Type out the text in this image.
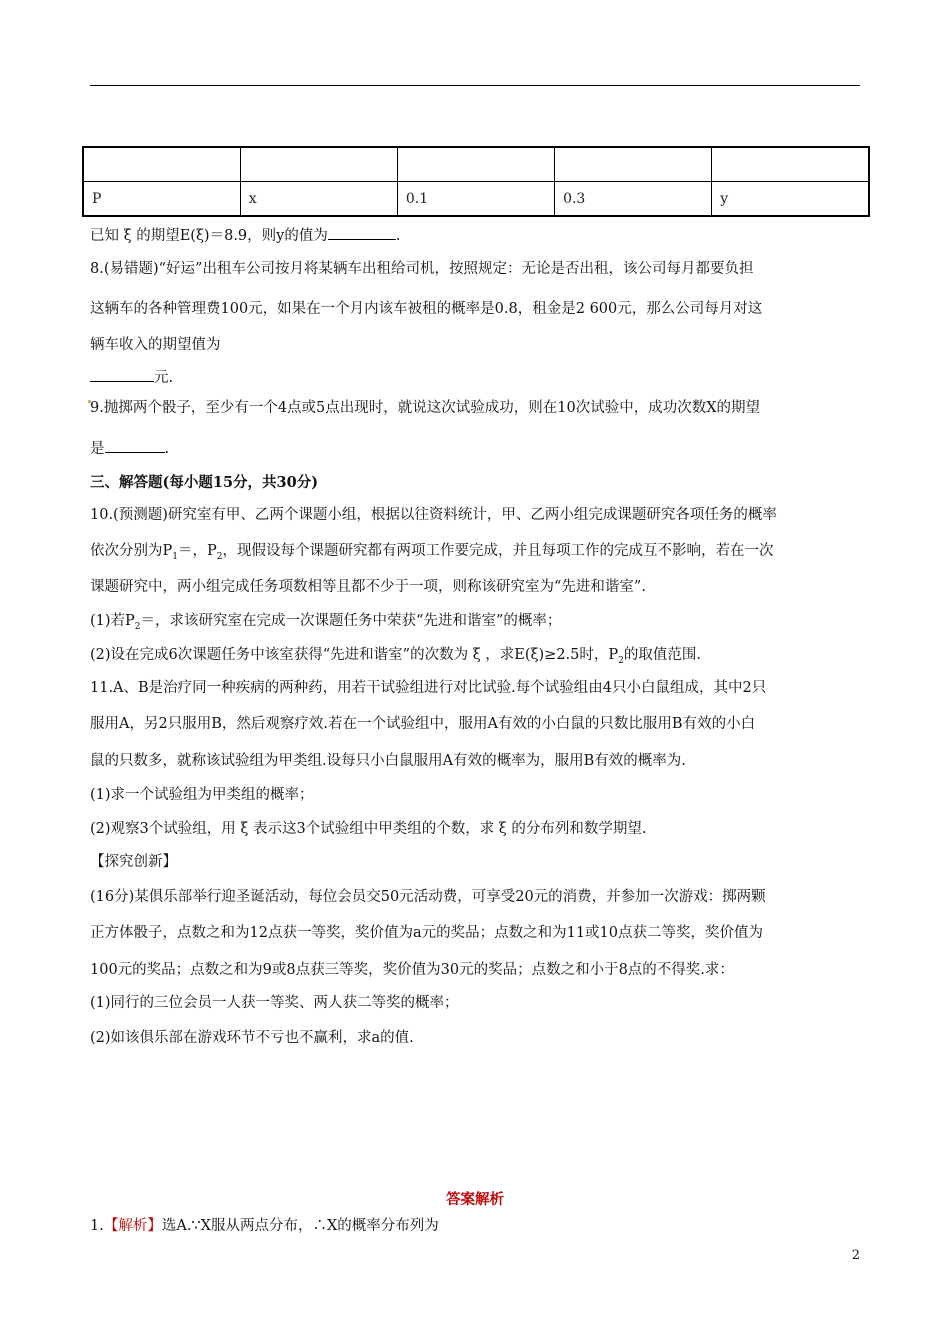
P	x	0.1	0.3	y
已知 ξ 的期望E(ξ)＝8.9，则y的值为	.
8.(易错题)“好运”出租车公司按月将某辆车出租给司机，按照规定：无论是否出租，该公司每月都要负担
这辆车的各种管理费100元，如果在一个月内该车被租的概率是0.8，租金是2 600元，那么公司每月对这
辆车收入的期望值为
元.
9.抛掷两个骰子，至少有一个4点或5点出现时，就说这次试验成功，则在10次试验中，成功次数X的期望
是	.
三、解答题(每小题15分，共30分)
10.(预测题)研究室有甲、乙两个课题小组，根据以往资料统计，甲、乙两小组完成课题研究各项任务的概率
依次分别为$P_1=$，$P_2$，现假设每个课题研究都有两项工作要完成，并且每项工作的完成互不影响，若在一次
课题研究中，两小组完成任务项数相等且都不少于一项，则称该研究室为“先进和谐室”.
(1)若$P_2=$，求该研究室在完成一次课题任务中荣获“先进和谐室”的概率；
(2)设在完成6次课题任务中该室获得“先进和谐室”的次数为 ξ ，求E(ξ)≥2.5时，$P_2$的取值范围.
11.A、B是治疗同一种疾病的两种药，用若干试验组进行对比试验.每个试验组由4只小白鼠组成，其中2只
服用A，另2只服用B，然后观察疗效.若在一个试验组中，服用A有效的小白鼠的只数比服用B有效的小白
鼠的只数多，就称该试验组为甲类组.设每只小白鼠服用A有效的概率为，服用B有效的概率为.
(1)求一个试验组为甲类组的概率；
(2)观察3个试验组，用 ξ 表示这3个试验组中甲类组的个数，求 ξ 的分布列和数学期望.
【探究创新】
(16分)某俱乐部举行迎圣诞活动，每位会员交50元活动费，可享受20元的消费，并参加一次游戏：掷两颗
正方体骰子，点数之和为12点获一等奖，奖价值为a元的奖品；点数之和为11或10点获二等奖，奖价值为
100元的奖品；点数之和为9或8点获三等奖，奖价值为30元的奖品；点数之和小于8点的不得奖.求：
(1)同行的三位会员一人获一等奖、两人获二等奖的概率；
(2)如该俱乐部在游戏环节不亏也不赢利，求a的值.
答案解析
1.【解析】选A.∵X服从两点分布，∴X的概率分布列为
2
